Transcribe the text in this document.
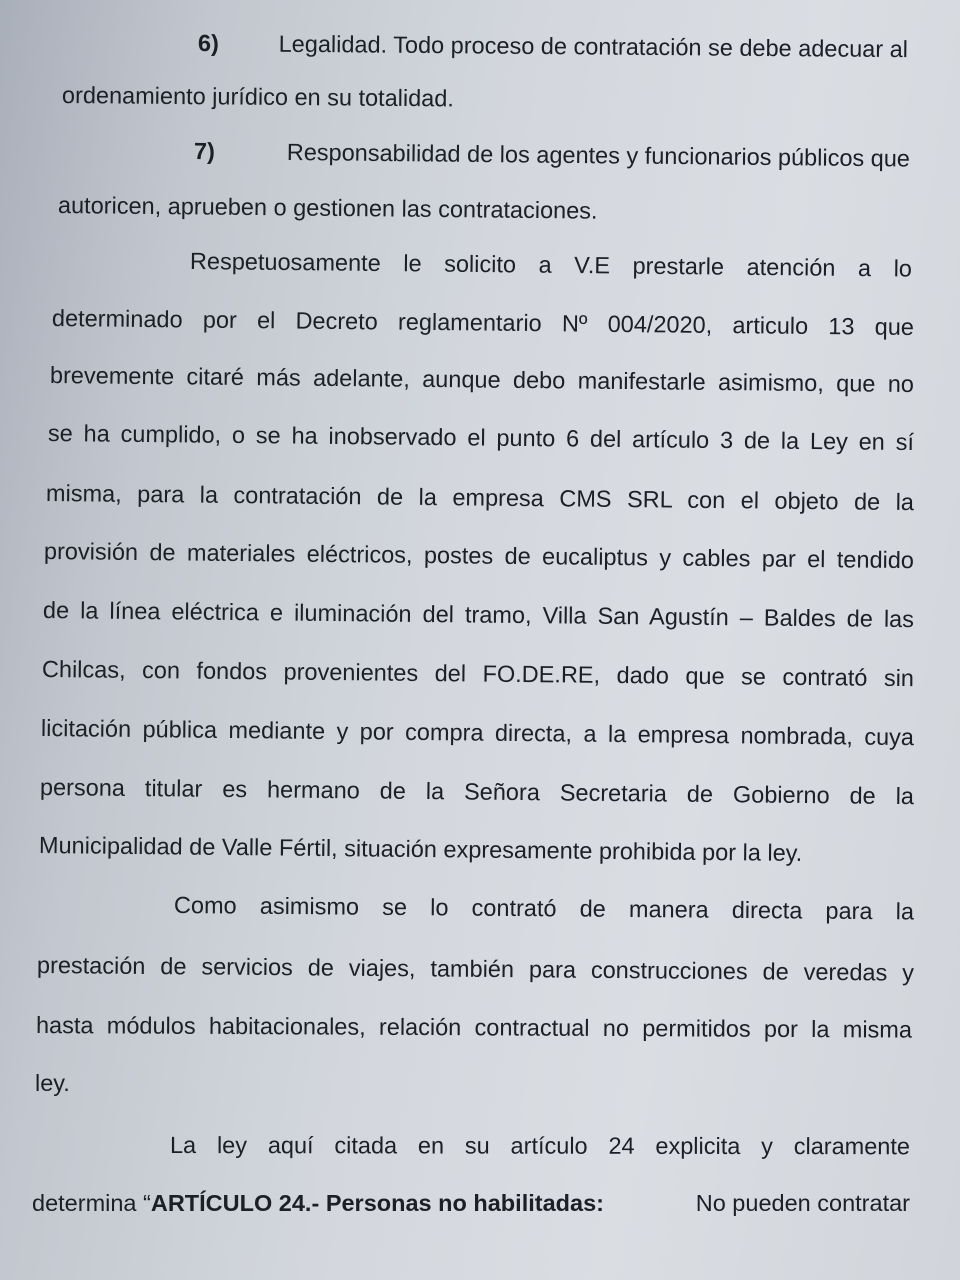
6)	Legalidad. Todo proceso de contratación se debe adecuar al
ordenamiento jurídico en su totalidad.
7)	Responsabilidad de los agentes y funcionarios públicos que
autoricen, aprueben o gestionen las contrataciones.
Respetuosamente le solicito a V.E prestarle atención a lo
determinado por el Decreto reglamentario Nº 004/2020, articulo 13 que
brevemente citaré más adelante, aunque debo manifestarle asimismo, que no
se ha cumplido, o se ha inobservado el punto 6 del artículo 3 de la Ley en sí
misma, para la contratación de la empresa CMS SRL con el objeto de la
provisión de materiales eléctricos, postes de eucaliptus y cables par el tendido
de la línea eléctrica e iluminación del tramo, Villa San Agustín – Baldes de las
Chilcas, con fondos provenientes del FO.DE.RE, dado que se contrató sin
licitación pública mediante y por compra directa, a la empresa nombrada, cuya
persona titular es hermano de la Señora Secretaria de Gobierno de la
Municipalidad de Valle Fértil, situación expresamente prohibida por la ley.
Como asimismo se lo contrató de manera directa para la
prestación de servicios de viajes, también para construcciones de veredas y
hasta módulos habitacionales, relación contractual no permitidos por la misma
ley.
La ley aquí citada en su artículo 24 explicita y claramente
determina “ARTÍCULO 24.- Personas no habilitadas:	No pueden contratar
